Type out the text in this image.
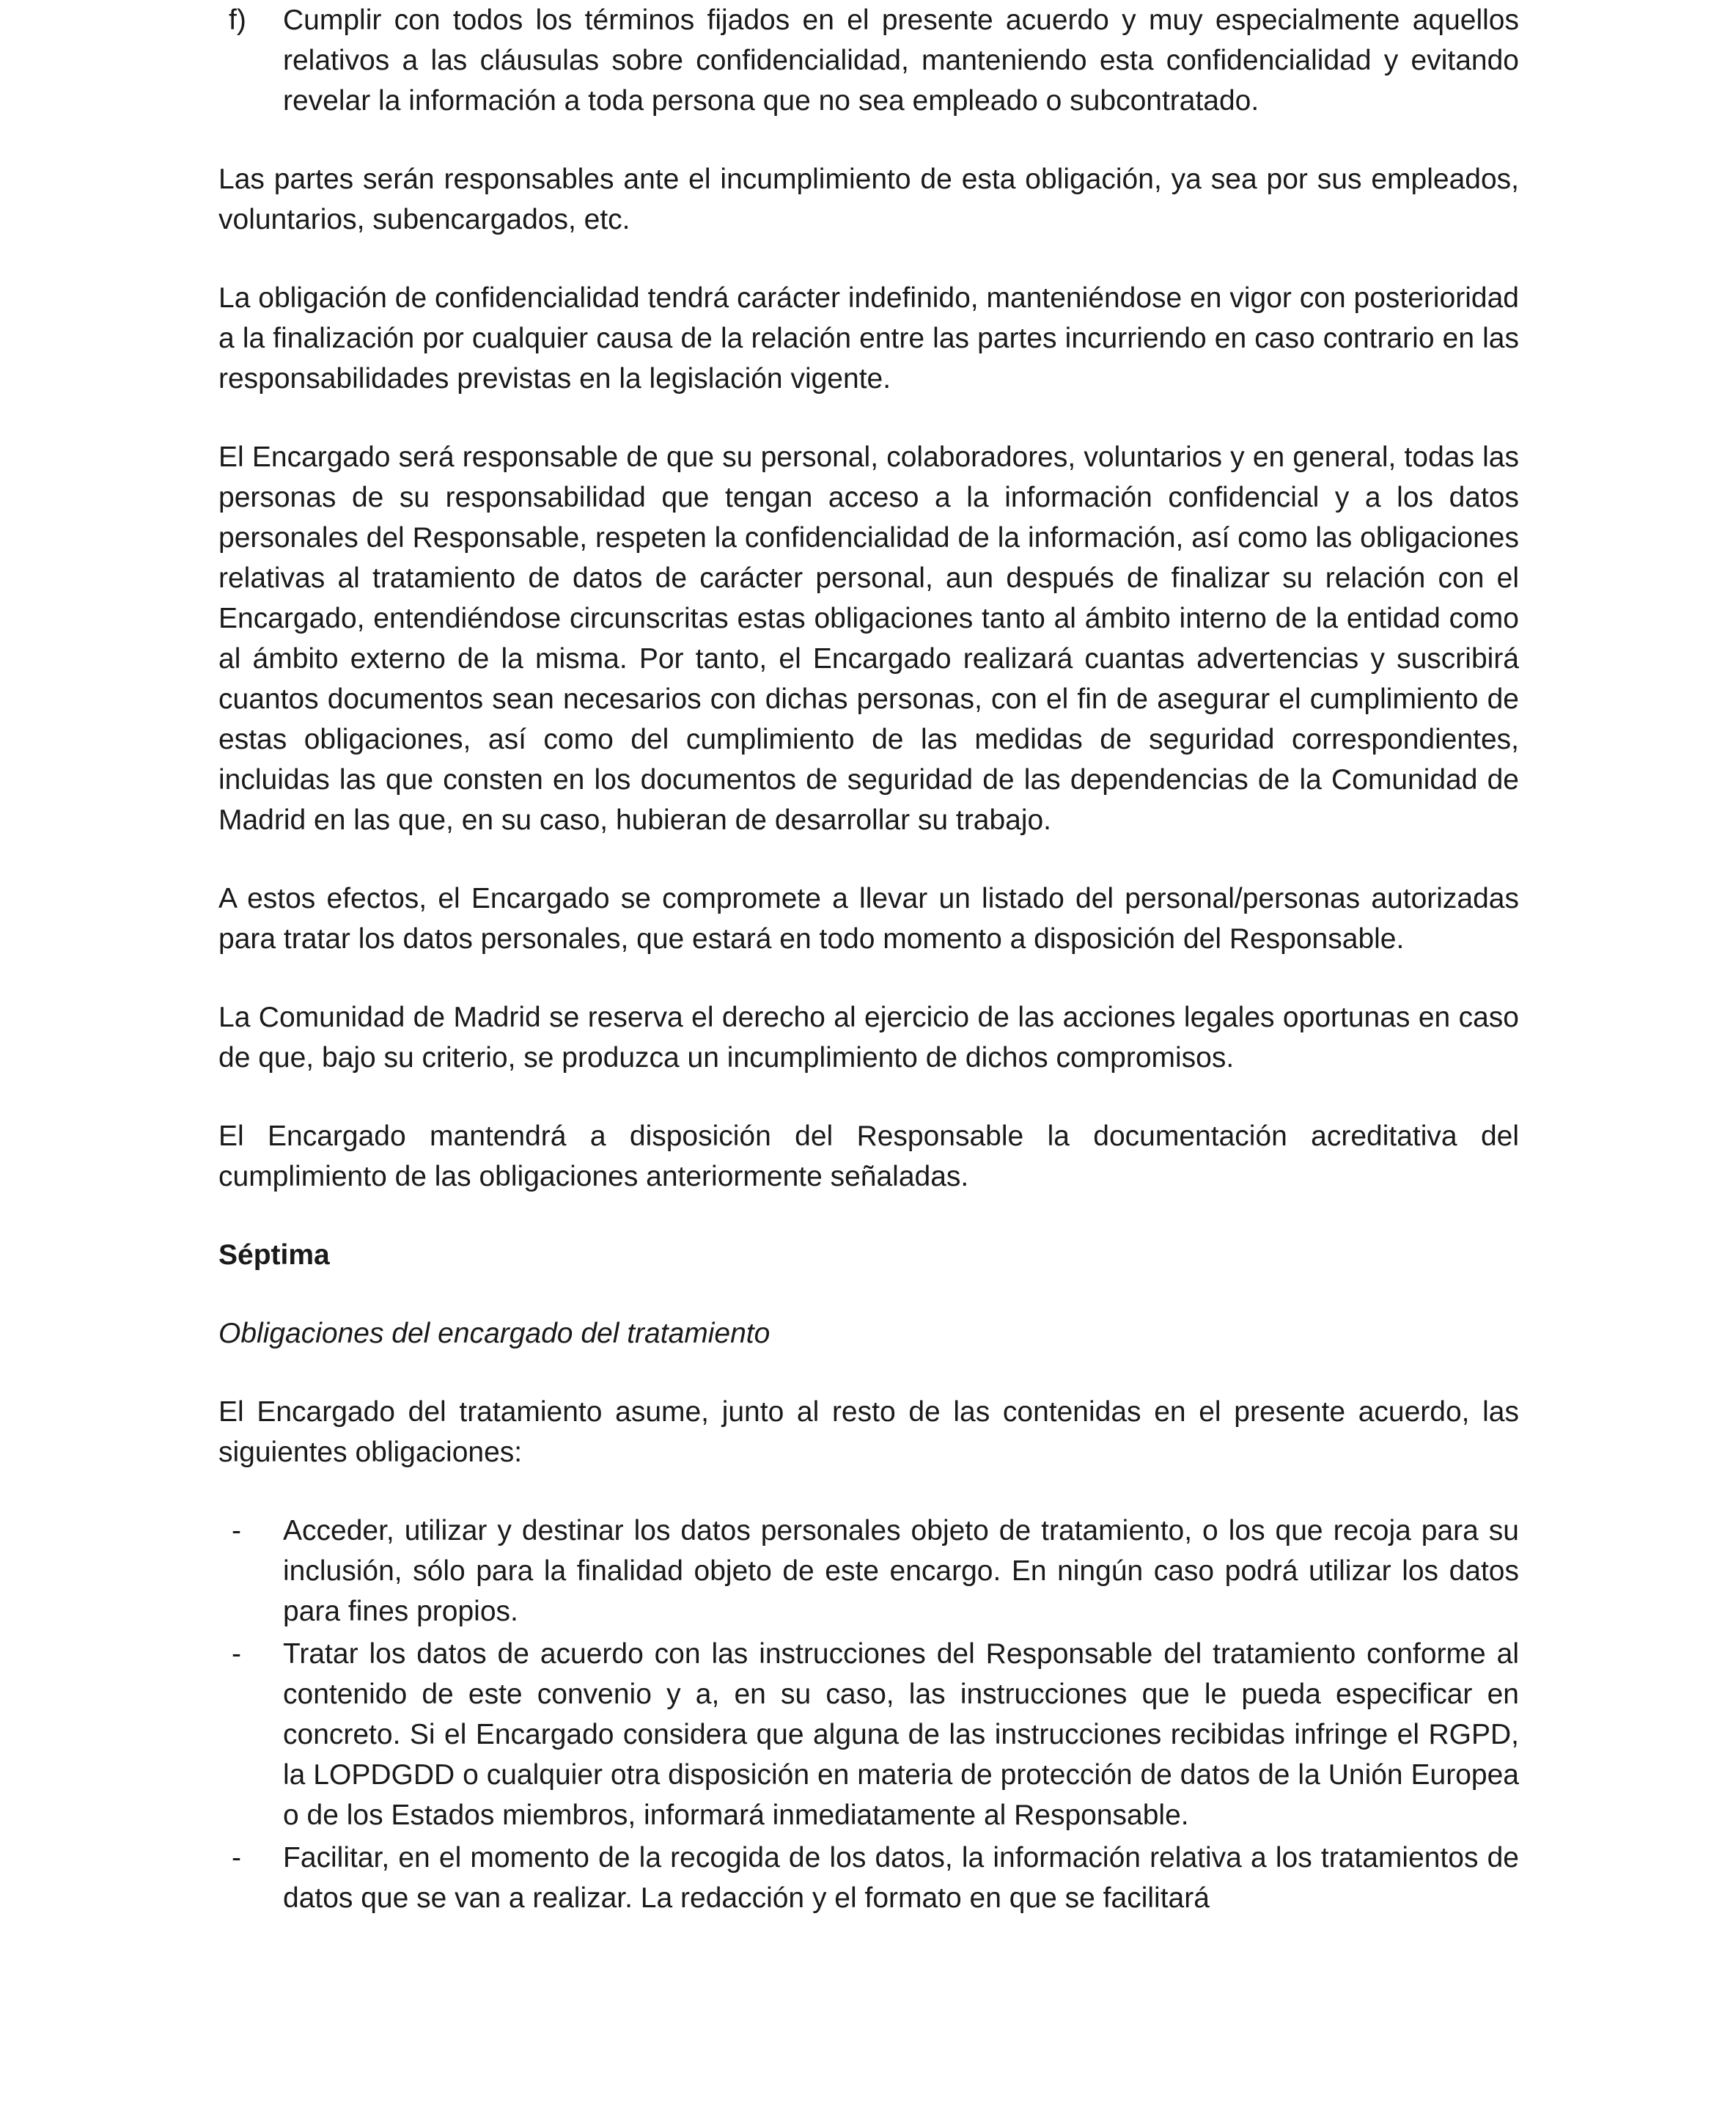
f) Cumplir con todos los términos fijados en el presente acuerdo y muy especialmente aquellos relativos a las cláusulas sobre confidencialidad, manteniendo esta confidencialidad y evitando revelar la información a toda persona que no sea empleado o subcontratado.

Las partes serán responsables ante el incumplimiento de esta obligación, ya sea por sus empleados, voluntarios, subencargados, etc.

La obligación de confidencialidad tendrá carácter indefinido, manteniéndose en vigor con posterioridad a la finalización por cualquier causa de la relación entre las partes incurriendo en caso contrario en las responsabilidades previstas en la legislación vigente.

El Encargado será responsable de que su personal, colaboradores, voluntarios y en general, todas las personas de su responsabilidad que tengan acceso a la información confidencial y a los datos personales del Responsable, respeten la confidencialidad de la información, así como las obligaciones relativas al tratamiento de datos de carácter personal, aun después de finalizar su relación con el Encargado, entendiéndose circunscritas estas obligaciones tanto al ámbito interno de la entidad como al ámbito externo de la misma. Por tanto, el Encargado realizará cuantas advertencias y suscribirá cuantos documentos sean necesarios con dichas personas, con el fin de asegurar el cumplimiento de estas obligaciones, así como del cumplimiento de las medidas de seguridad correspondientes, incluidas las que consten en los documentos de seguridad de las dependencias de la Comunidad de Madrid en las que, en su caso, hubieran de desarrollar su trabajo.

A estos efectos, el Encargado se compromete a llevar un listado del personal/personas autorizadas para tratar los datos personales, que estará en todo momento a disposición del Responsable.

La Comunidad de Madrid se reserva el derecho al ejercicio de las acciones legales oportunas en caso de que, bajo su criterio, se produzca un incumplimiento de dichos compromisos.

El Encargado mantendrá a disposición del Responsable la documentación acreditativa del cumplimiento de las obligaciones anteriormente señaladas.

Séptima
Obligaciones del encargado del tratamiento

El Encargado del tratamiento asume, junto al resto de las contenidas en el presente acuerdo, las siguientes obligaciones:

- Acceder, utilizar y destinar los datos personales objeto de tratamiento, o los que recoja para su inclusión, sólo para la finalidad objeto de este encargo. En ningún caso podrá utilizar los datos para fines propios.
- Tratar los datos de acuerdo con las instrucciones del Responsable del tratamiento conforme al contenido de este convenio y a, en su caso, las instrucciones que le pueda especificar en concreto. Si el Encargado considera que alguna de las instrucciones recibidas infringe el RGPD, la LOPDGDD o cualquier otra disposición en materia de protección de datos de la Unión Europea o de los Estados miembros, informará inmediatamente al Responsable.
- Facilitar, en el momento de la recogida de los datos, la información relativa a los tratamientos de datos que se van a realizar. La redacción y el formato en que se facilitará
